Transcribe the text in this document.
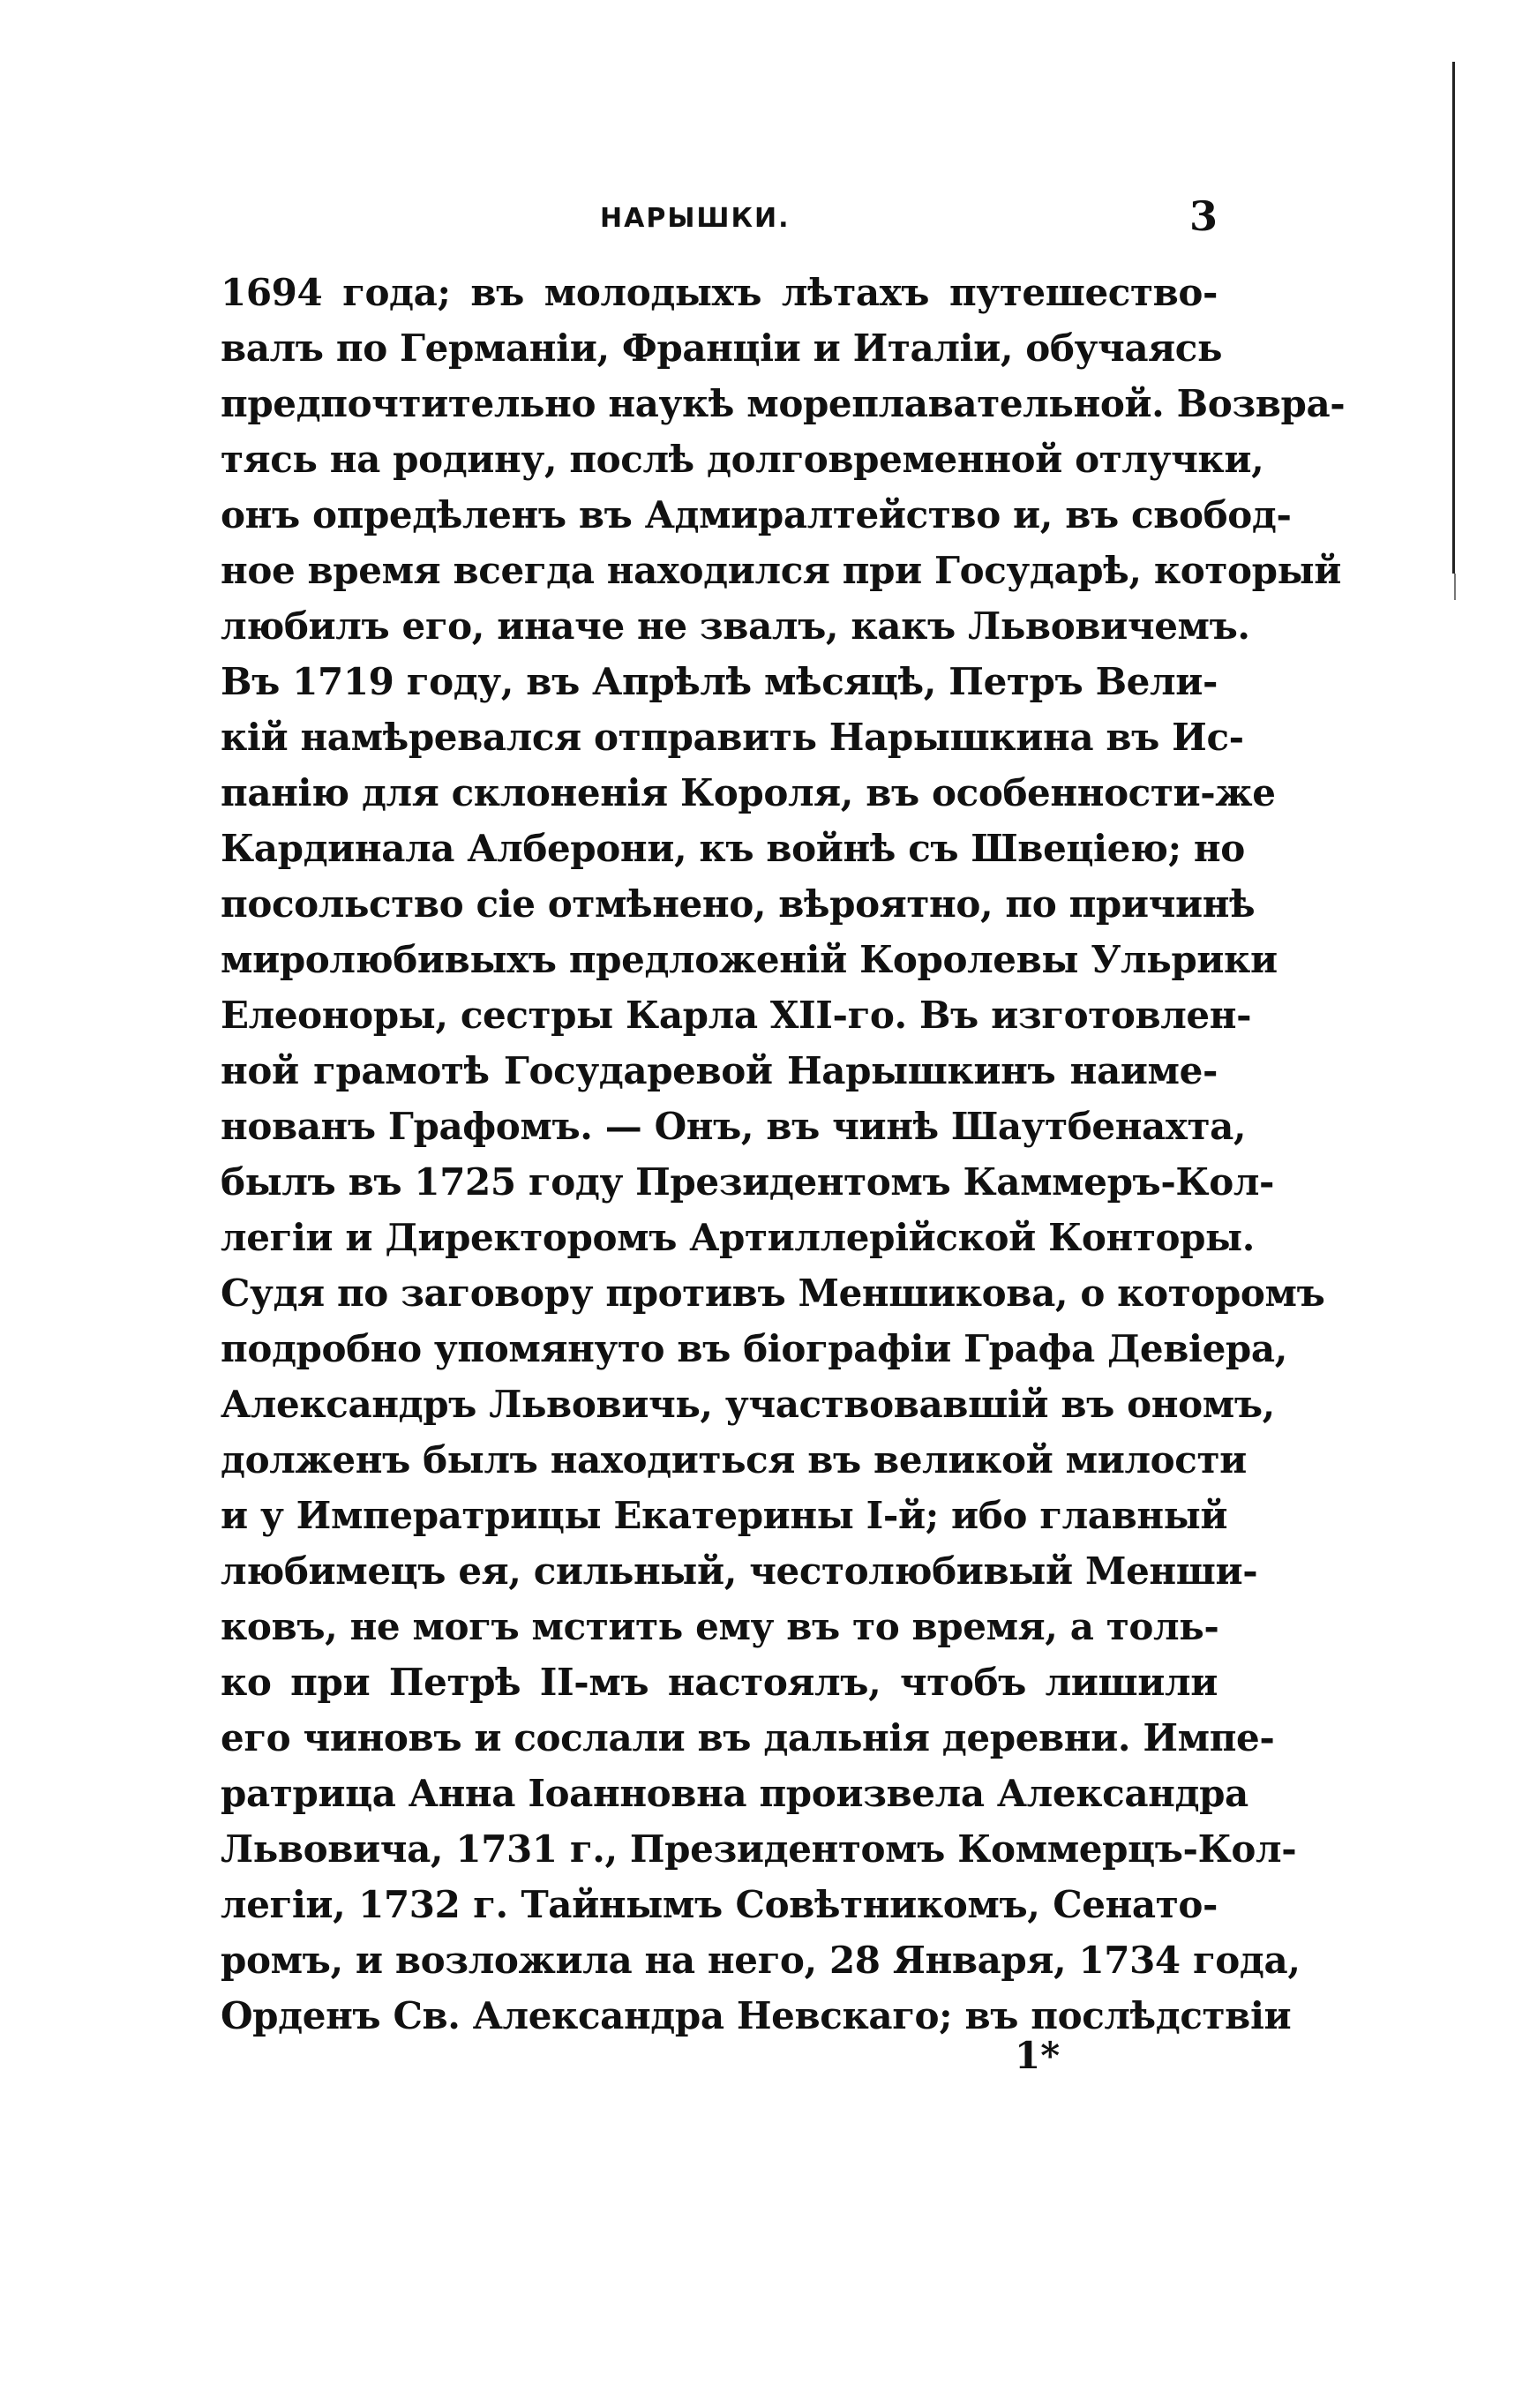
НАРЫШКИ.	3
1694 года; въ молодыхъ лѣтахъ путешество-
валъ по Германіи, Франціи и Италіи, обучаясь
предпочтительно наукѣ мореплавательной. Возвра-
тясь на родину, послѣ долговременной отлучки,
онъ опредѣленъ въ Адмиралтейство и, въ свобод-
ное время всегда находился при Государѣ, который
любилъ его, иначе не звалъ, какъ Львовичемъ.
Въ 1719 году, въ Апрѣлѣ мѣсяцѣ, Петръ Вели-
кій намѣревался отправить Нарышкина въ Ис-
панію для склоненія Короля, въ особенности-же
Кардинала Алберони, къ войнѣ съ Швеціею; но
посольство сіе отмѣнено, вѣроятно, по причинѣ
миролюбивыхъ предложеній Королевы Ульрики
Елеоноры, сестры Карла XII-го. Въ изготовлен-
ной грамотѣ Государевой Нарышкинъ наиме-
нованъ Графомъ. — Онъ, въ чинѣ Шаутбенахта,
былъ въ 1725 году Президентомъ Каммеръ-Кол-
легіи и Директоромъ Артиллерійской Конторы.
Судя по заговору противъ Меншикова, о которомъ
подробно упомянуто въ біографіи Графа Девіера,
Александръ Львовичь, участвовавшій въ ономъ,
долженъ былъ находиться въ великой милости
и у Императрицы Екатерины I-й; ибо главный
любимецъ ея, сильный, честолюбивый Менши-
ковъ, не могъ мстить ему въ то время, а толь-
ко при Петрѣ II-мъ настоялъ, чтобъ лишили
его чиновъ и сослали въ дальнія деревни. Импе-
ратрица Анна Іоанновна произвела Александра
Львовича, 1731 г., Президентомъ Коммерцъ-Кол-
легіи, 1732 г. Тайнымъ Совѣтникомъ, Сенато-
ромъ, и возложила на него, 28 Января, 1734 года,
Орденъ Св. Александра Невскаго; въ послѣдствіи
1*
